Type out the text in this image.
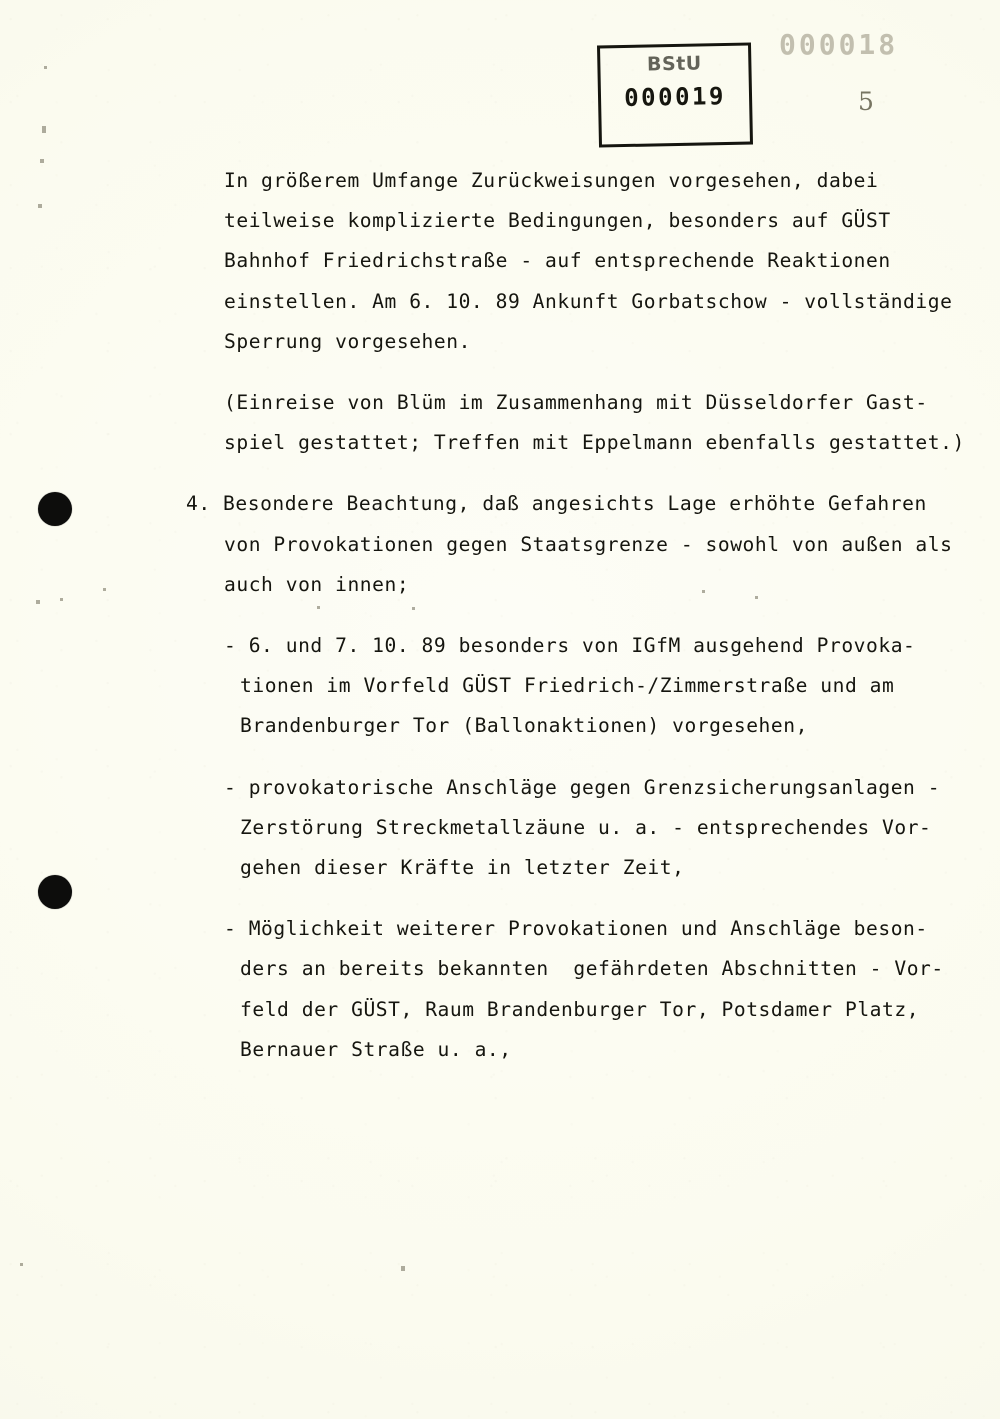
BStU
000019
000018
5
In größerem Umfange Zurückweisungen vorgesehen, dabei
teilweise komplizierte Bedingungen, besonders auf GÜST
Bahnhof Friedrichstraße - auf entsprechende Reaktionen
einstellen. Am 6. 10. 89 Ankunft Gorbatschow - vollständige
Sperrung vorgesehen.
(Einreise von Blüm im Zusammenhang mit Düsseldorfer Gast-
spiel gestattet; Treffen mit Eppelmann ebenfalls gestattet.)
4. Besondere Beachtung, daß angesichts Lage erhöhte Gefahren
von Provokationen gegen Staatsgrenze - sowohl von außen als
auch von innen;
- 6. und 7. 10. 89 besonders von IGfM ausgehend Provoka-
tionen im Vorfeld GÜST Friedrich-/Zimmerstraße und am
Brandenburger Tor (Ballonaktionen) vorgesehen,
- provokatorische Anschläge gegen Grenzsicherungsanlagen -
Zerstörung Streckmetallzäune u. a. - entsprechendes Vor-
gehen dieser Kräfte in letzter Zeit,
- Möglichkeit weiterer Provokationen und Anschläge beson-
ders an bereits bekannten  gefährdeten Abschnitten - Vor-
feld der GÜST, Raum Brandenburger Tor, Potsdamer Platz,
Bernauer Straße u. a.,
